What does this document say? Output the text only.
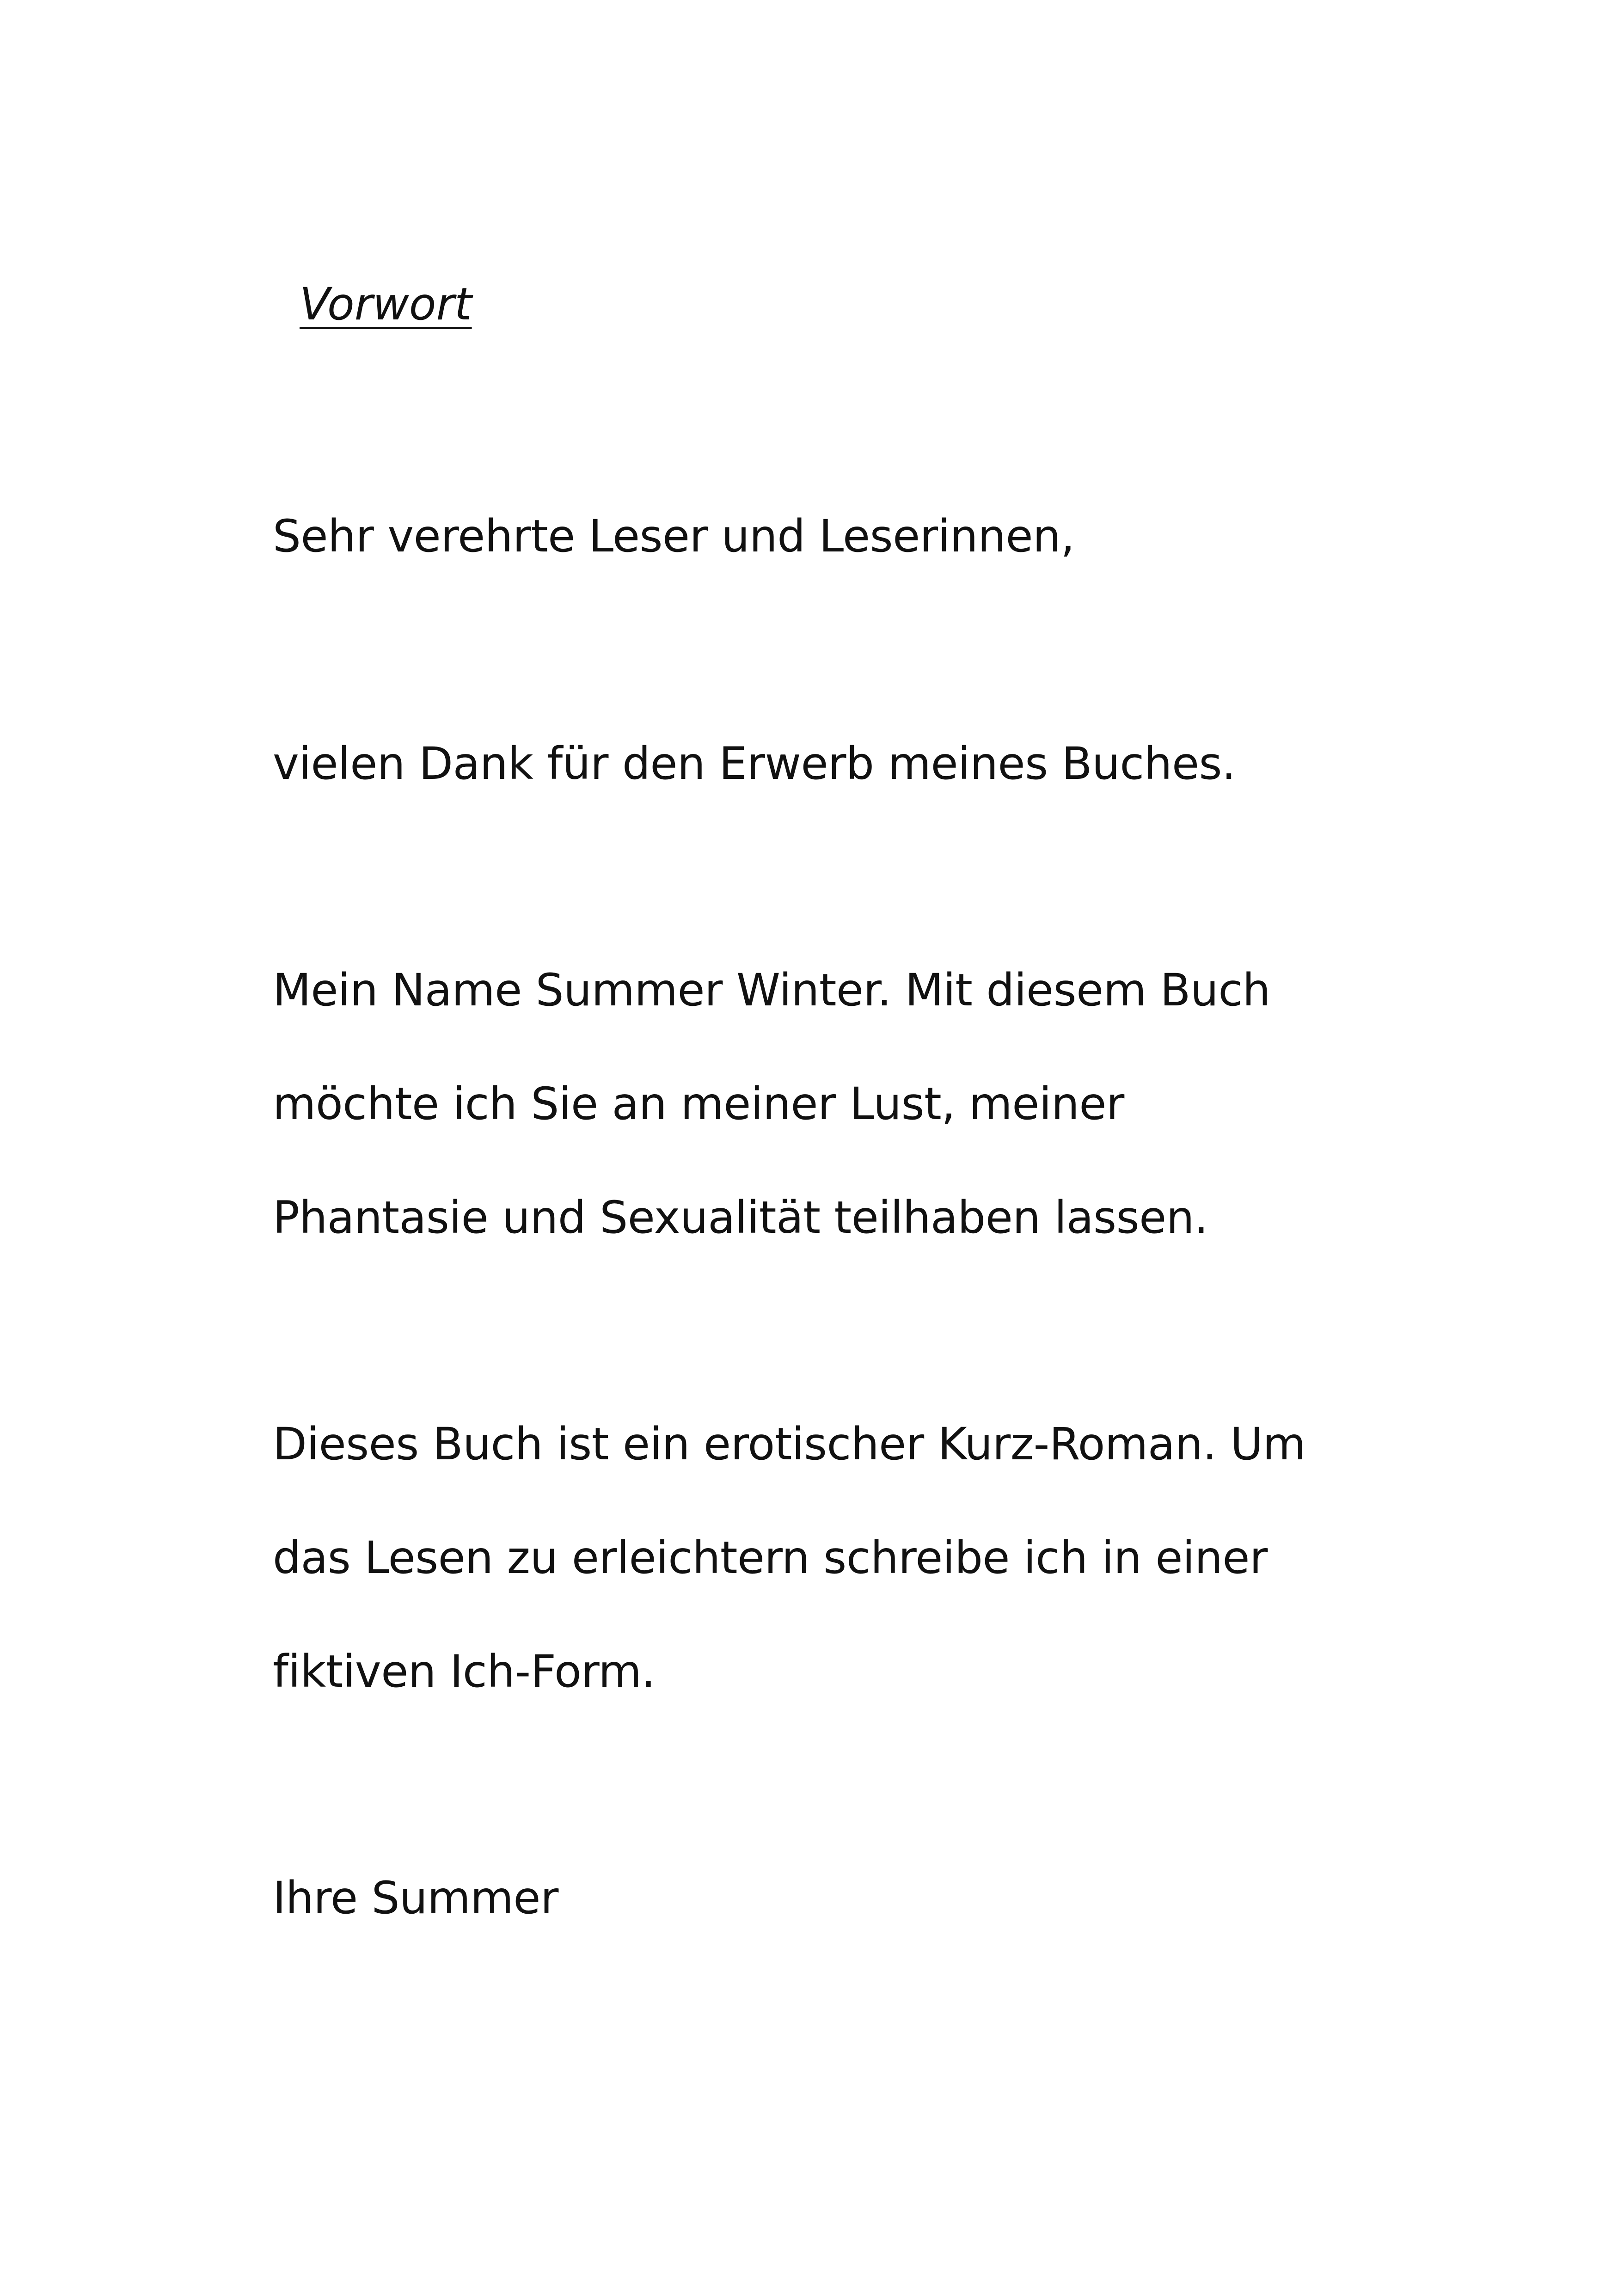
Vorwort

Sehr verehrte Leser und Leserinnen,

vielen Dank für den Erwerb meines Buches.

Mein Name Summer Winter. Mit diesem Buch

möchte ich Sie an meiner Lust, meiner

Phantasie und Sexualität teilhaben lassen.

Dieses Buch ist ein erotischer Kurz-Roman. Um

das Lesen zu erleichtern schreibe ich in einer

fiktiven Ich-Form.

Ihre Summer
